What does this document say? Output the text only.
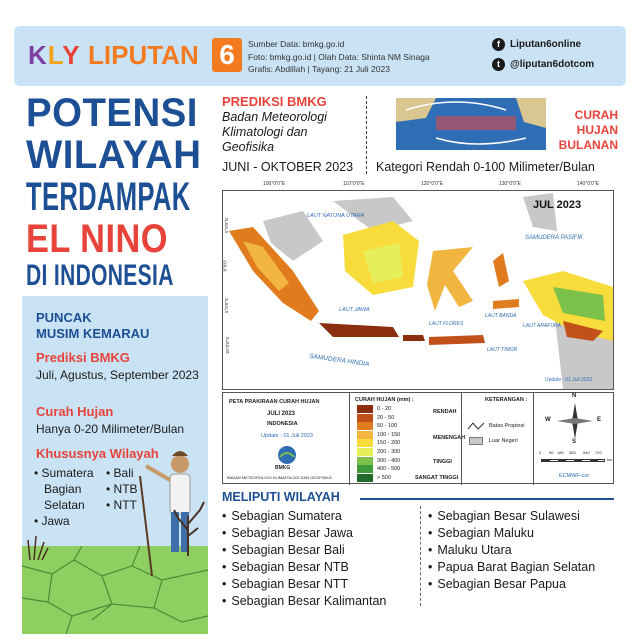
KLY LIPUTAN 6	Sumber Data: bmkg.go.id
Foto: bmkg.go.id | Olah Data: Shinta NM Sinaga
Grafis: Abdillah | Tayang: 21 Juli 2023
f	Liputan6online
t	@liputan6dotcom
POTENSI
WILAYAH
TERDAMPAK
EL NINO
DI INDONESIA
PUNCAK
MUSIM KEMARAU
Prediksi BMKG
Juli, Agustus, September 2023
Curah Hujan
Hanya 0-20 Milimeter/Bulan
Khususnya Wilayah
• Sumatera
Bagian
Selatan
• Jawa
• Bali
• NTB
• NTT
PREDIKSI BMKG
Badan Meteorologi
Klimatologi dan
Geofisika
JUNI - OKTOBER 2023
CURAH
HUJAN
BULANAN
Kategori Rendah 0-100 Milimeter/Bulan
JUL 2023
100°0'0"E	110°0'0"E	120°0'0"E	130°0'0"E	140°0'0"E
5°0'0"N
0°0'0"
5°0'0"S
10°0'0"S
LAUT NATUNA UTARA
SAMUDERA PASIFIK
LAUT JAWA
LAUT FLORES
LAUT BANDA
LAUT ARAFURA
LAUT TIMOR
SAMUDERA HINDIA
Update : 01 Juli 2023
PETA PRAKIRAAN CURAH HUJAN
JULI 2023
INDONESIA
Update : 01 Juli 2023
BMKG
BADAN METEOROLOGI KLIMATOLOGI DAN GEOFISIKA
CURAH HUJAN (mm) :
0 - 20
20 - 50
50 - 100
100 - 150
150 - 200
200 - 300
300 - 400
400 - 500
> 500
RENDAH
MENENGAH
TINGGI
SANGAT TINGGI
KETERANGAN :
Batas Propinsi
Luar Negeri
N
S
E
W
0 90 180 360 540 720
km
ECMWF-cor
MELIPUTI WILAYAH
• Sebagian Sumatera
• Sebagian Besar Jawa
• Sebagian Besar Bali
• Sebagian Besar NTB
• Sebagian Besar NTT
• Sebagian Besar Kalimantan
• Sebagian Besar Sulawesi
• Sebagian Maluku
• Maluku Utara
• Papua Barat Bagian Selatan
• Sebagian Besar Papua
